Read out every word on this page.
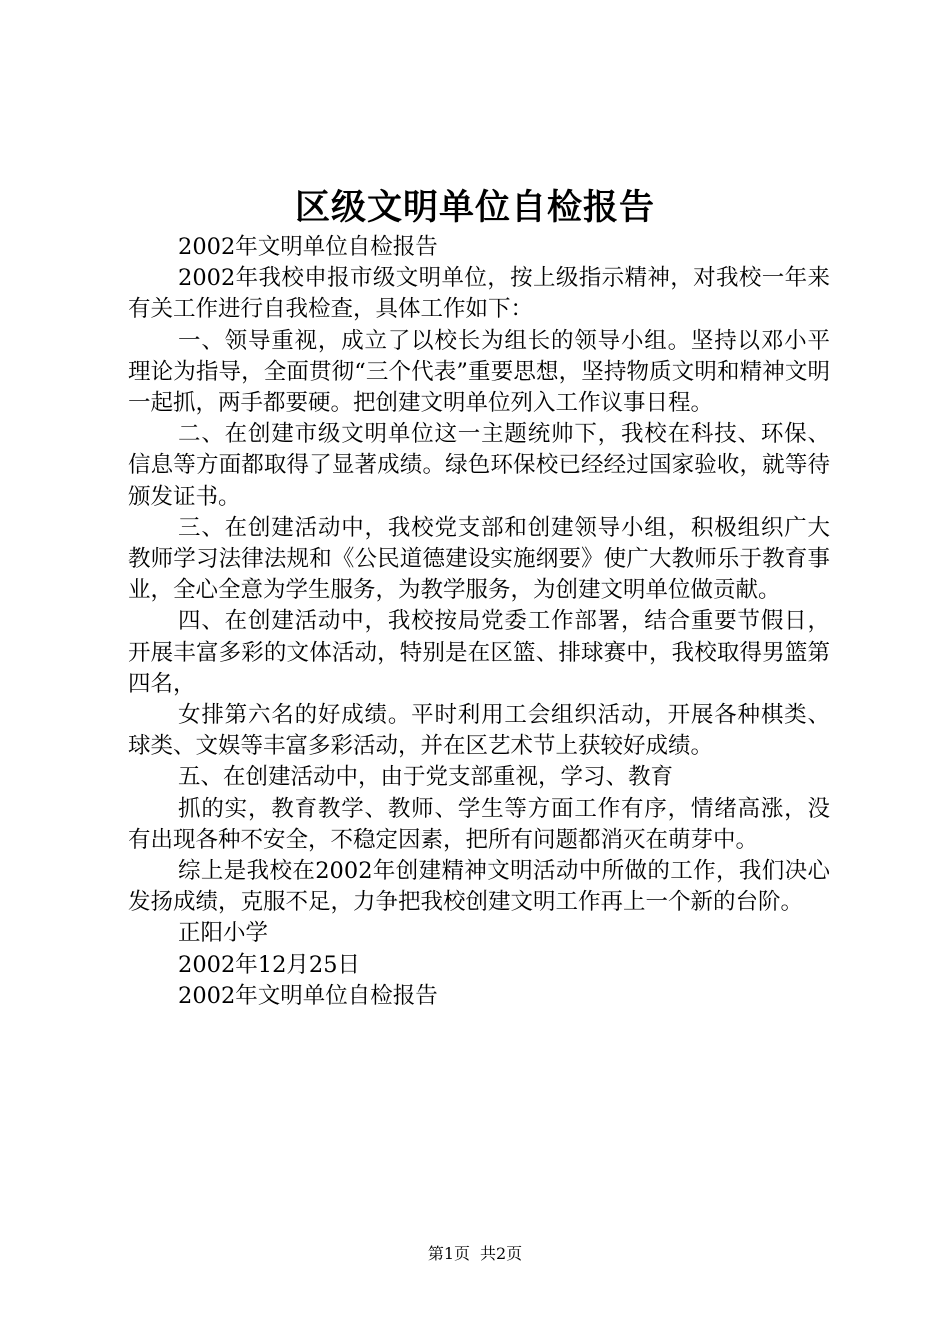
区级文明单位自检报告

2002年文明单位自检报告

2002年我校申报市级文明单位，按上级指示精神，对我校一年来有关工作进行自我检查，具体工作如下：

一、领导重视，成立了以校长为组长的领导小组。坚持以邓小平理论为指导，全面贯彻“三个代表”重要思想，坚持物质文明和精神文明一起抓，两手都要硬。把创建文明单位列入工作议事日程。

二、在创建市级文明单位这一主题统帅下，我校在科技、环保、信息等方面都取得了显著成绩。绿色环保校已经经过国家验收，就等待颁发证书。

三、在创建活动中，我校党支部和创建领导小组，积极组织广大教师学习法律法规和《公民道德建设实施纲要》使广大教师乐于教育事业，全心全意为学生服务，为教学服务，为创建文明单位做贡献。

四、在创建活动中，我校按局党委工作部署，结合重要节假日，开展丰富多彩的文体活动，特别是在区篮、排球赛中，我校取得男篮第四名，

女排第六名的好成绩。平时利用工会组织活动，开展各种棋类、球类、文娱等丰富多彩活动，并在区艺术节上获较好成绩。

五、在创建活动中，由于党支部重视，学习、教育

抓的实，教育教学、教师、学生等方面工作有序，情绪高涨，没有出现各种不安全，不稳定因素，把所有问题都消灭在萌芽中。

综上是我校在2002年创建精神文明活动中所做的工作，我们决心发扬成绩，克服不足，力争把我校创建文明工作再上一个新的台阶。

正阳小学

2002年12月25日

2002年文明单位自检报告

第1页 共2页
